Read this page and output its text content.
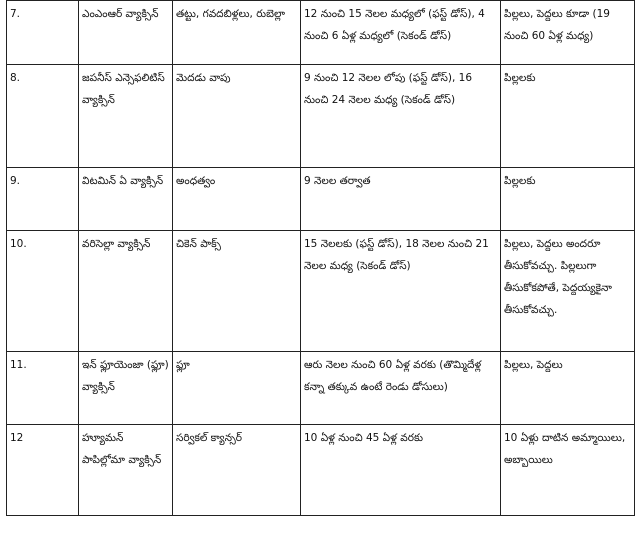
7.	ఎంఎంఆర్ వ్యాక్సిన్	తట్టు, గవదబిళ్లలు, రుబెల్లా	12 నుంచి 15 నెలల మధ్యలో (ఫస్ట్ డోస్), 4 నుంచి 6 ఏళ్ల మధ్యలో (సెకండ్ డోస్)	పిల్లలు, పెద్దలు కూడా (19 నుంచి 60 ఏళ్ల మధ్య)

8.	జపనీస్ ఎన్సెఫలిటిస్ వ్యాక్సిన్	మెదడు వాపు	9 నుంచి 12 నెలల లోపు (ఫస్ట్ డోస్), 16 నుంచి 24 నెలల మధ్య (సెకండ్ డోస్)	పిల్లలకు

9.	విటమిన్ ఏ వ్యాక్సిన్	అంధత్వం	9 నెలల తర్వాత	పిల్లలకు

10.	వరిసెల్లా వ్యాక్సిన్	చికెన్ పాక్స్	15 నెలలకు (ఫస్ట్ డోస్), 18 నెలల నుంచి 21 నెలల మధ్య (సెకండ్ డోస్)	పిల్లలు, పెద్దలు అందరూ తీసుకోవచ్చు. పిల్లలుగా తీసుకోకపోతే, పెద్దయ్యకైనా తీసుకోవచ్చు.

11.	ఇన్ ఫ్లూయెంజా (ఫ్లూ) వ్యాక్సిన్	ఫ్లూ	ఆరు నెలల నుంచి 60 ఏళ్ల వరకు (తొమ్మిదేళ్ల కన్నా తక్కువ ఉంటే రెండు డోసులు)	పిల్లలు, పెద్దలు

12	హ్యూమన్ పాపిల్లోమా వ్యాక్సిన్	సర్వికల్ క్యాన్సర్	10 ఏళ్ల నుంచి 45 ఏళ్ల వరకు	10 ఏళ్లు దాటిన అమ్మాయిలు, అబ్బాయిలు
